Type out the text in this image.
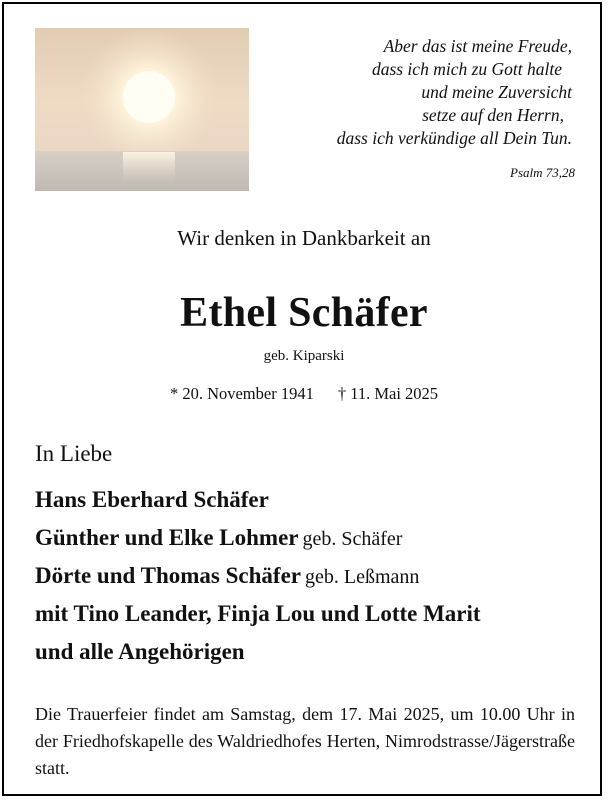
Aber das ist meine Freude,
dass ich mich zu Gott halte
und meine Zuversicht
setze auf den Herrn,
dass ich verkündige all Dein Tun.
Psalm 73,28
Wir denken in Dankbarkeit an
Ethel Schäfer
geb. Kiparski
* 20. November 1941 † 11. Mai 2025
In Liebe
Hans Eberhard Schäfer
Günther und Elke Lohmer geb. Schäfer
Dörte und Thomas Schäfer geb. Leßmann
mit Tino Leander, Finja Lou und Lotte Marit
und alle Angehörigen
Die Trauerfeier findet am Samstag, dem 17. Mai 2025, um 10.00 Uhr in der Friedhofskapelle des Waldriedhofes Herten, Nimrodstrasse/Jägerstraße statt.
